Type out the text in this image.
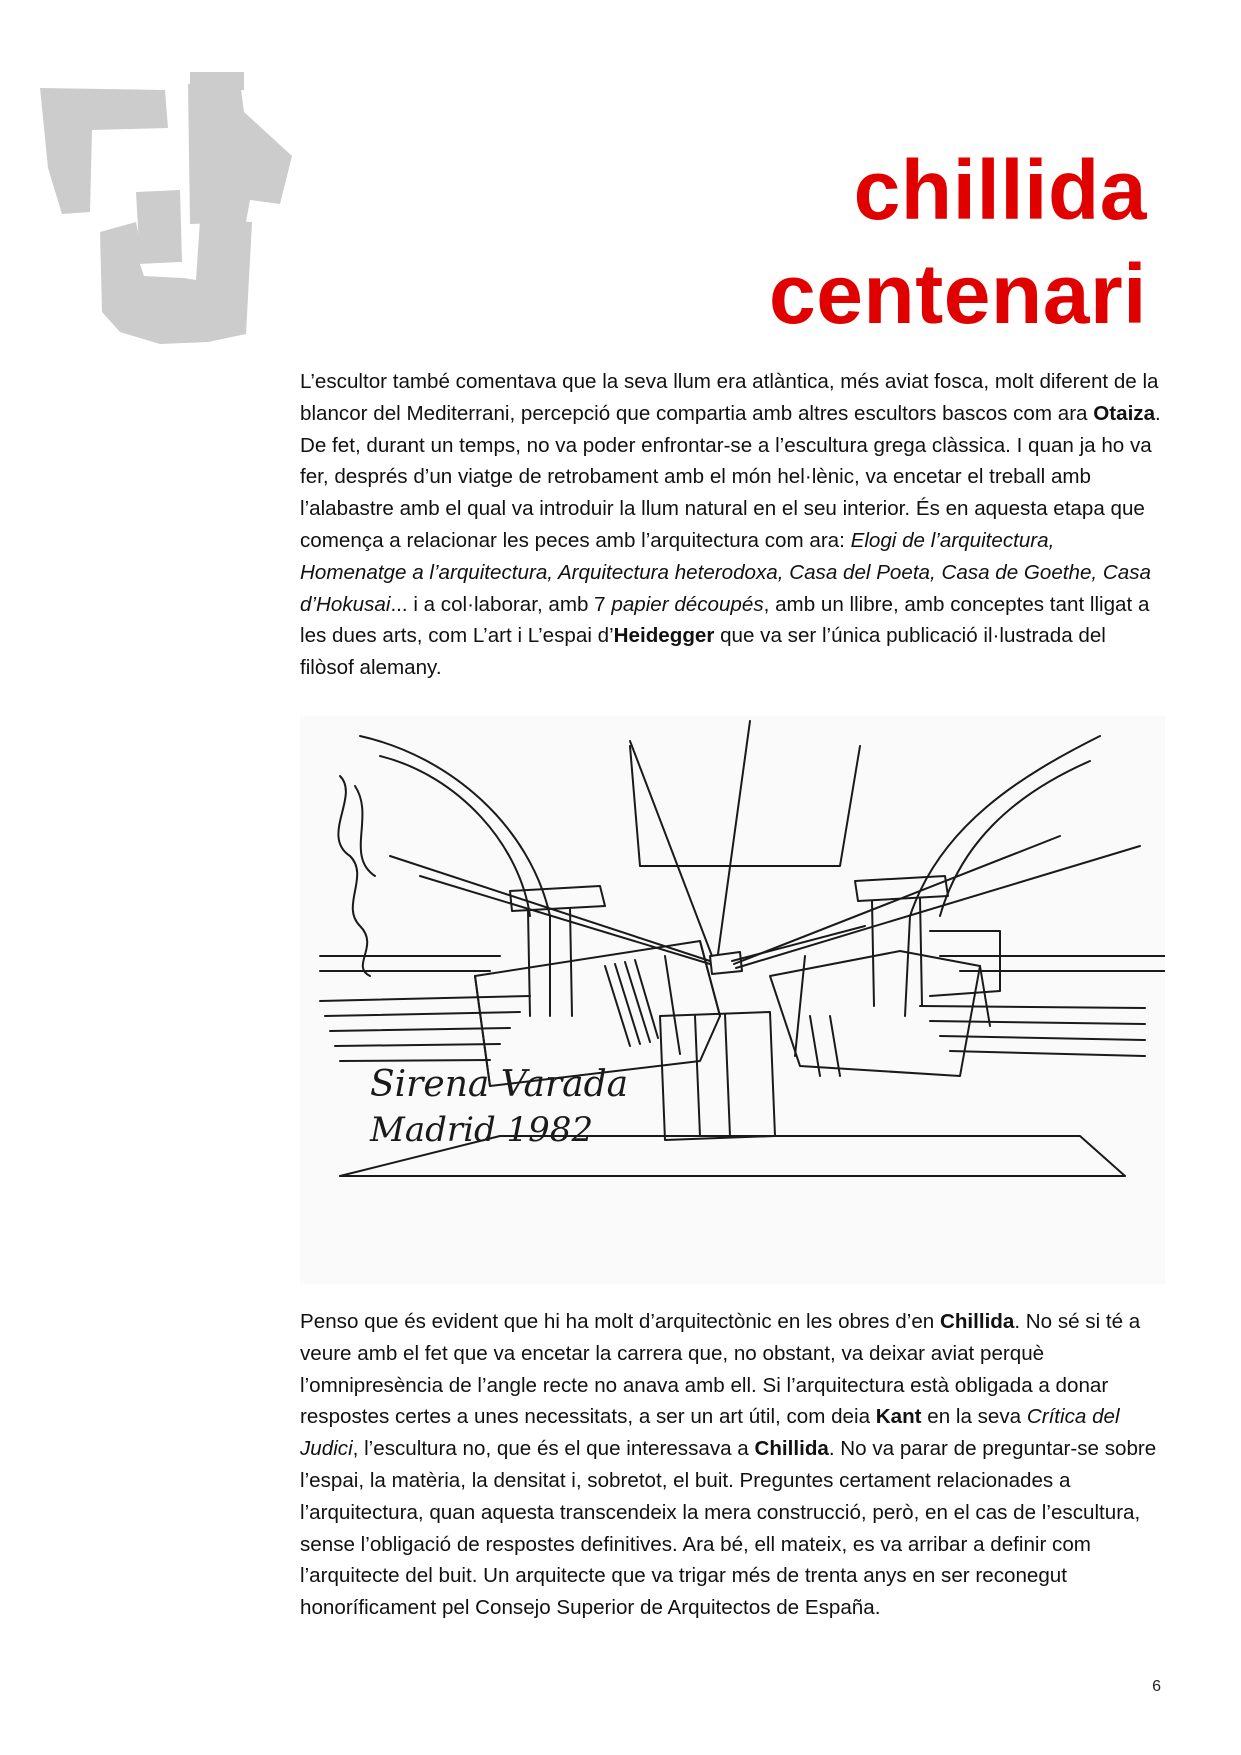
chillida
centenari

L’escultor també comentava que la seva llum era atlàntica, més aviat fosca, molt diferent de la blancor del Mediterrani, percepció que compartia amb altres escultors bascos com ara Otaiza. De fet, durant un temps, no va poder enfrontar-se a l’escultura grega clàssica. I quan ja ho va fer, després d’un viatge de retrobament amb el món hel·lènic, va encetar el treball amb l’alabastre amb el qual va introduir la llum natural en el seu interior. És en aquesta etapa que comença a relacionar les peces amb l’arquitectura com ara: Elogi de l’arquitectura, Homenatge a l’arquitectura, Arquitectura heterodoxa, Casa del Poeta, Casa de Goethe, Casa d’Hokusai... i a col·laborar, amb 7 papier découpés, amb un llibre, amb conceptes tant lligat a les dues arts, com L’art i L’espai d’Heidegger que va ser l’única publicació il·lustrada del filòsof alemany.

Sirena Varada
Madrid 1982

Penso que és evident que hi ha molt d’arquitectònic en les obres d’en Chillida. No sé si té a veure amb el fet que va encetar la carrera que, no obstant, va deixar aviat perquè l’omnipresència de l’angle recte no anava amb ell. Si l’arquitectura està obligada a donar respostes certes a unes necessitats, a ser un art útil, com deia Kant en la seva Crítica del Judici, l’escultura no, que és el que interessava a Chillida. No va parar de preguntar-se sobre l’espai, la matèria, la densitat i, sobretot, el buit. Preguntes certament relacionades a l’arquitectura, quan aquesta transcendeix la mera construcció, però, en el cas de l’escultura, sense l’obligació de respostes definitives. Ara bé, ell mateix, es va arribar a definir com l’arquitecte del buit. Un arquitecte que va trigar més de trenta anys en ser reconegut honoríficament pel Consejo Superior de Arquitectos de España.

6
